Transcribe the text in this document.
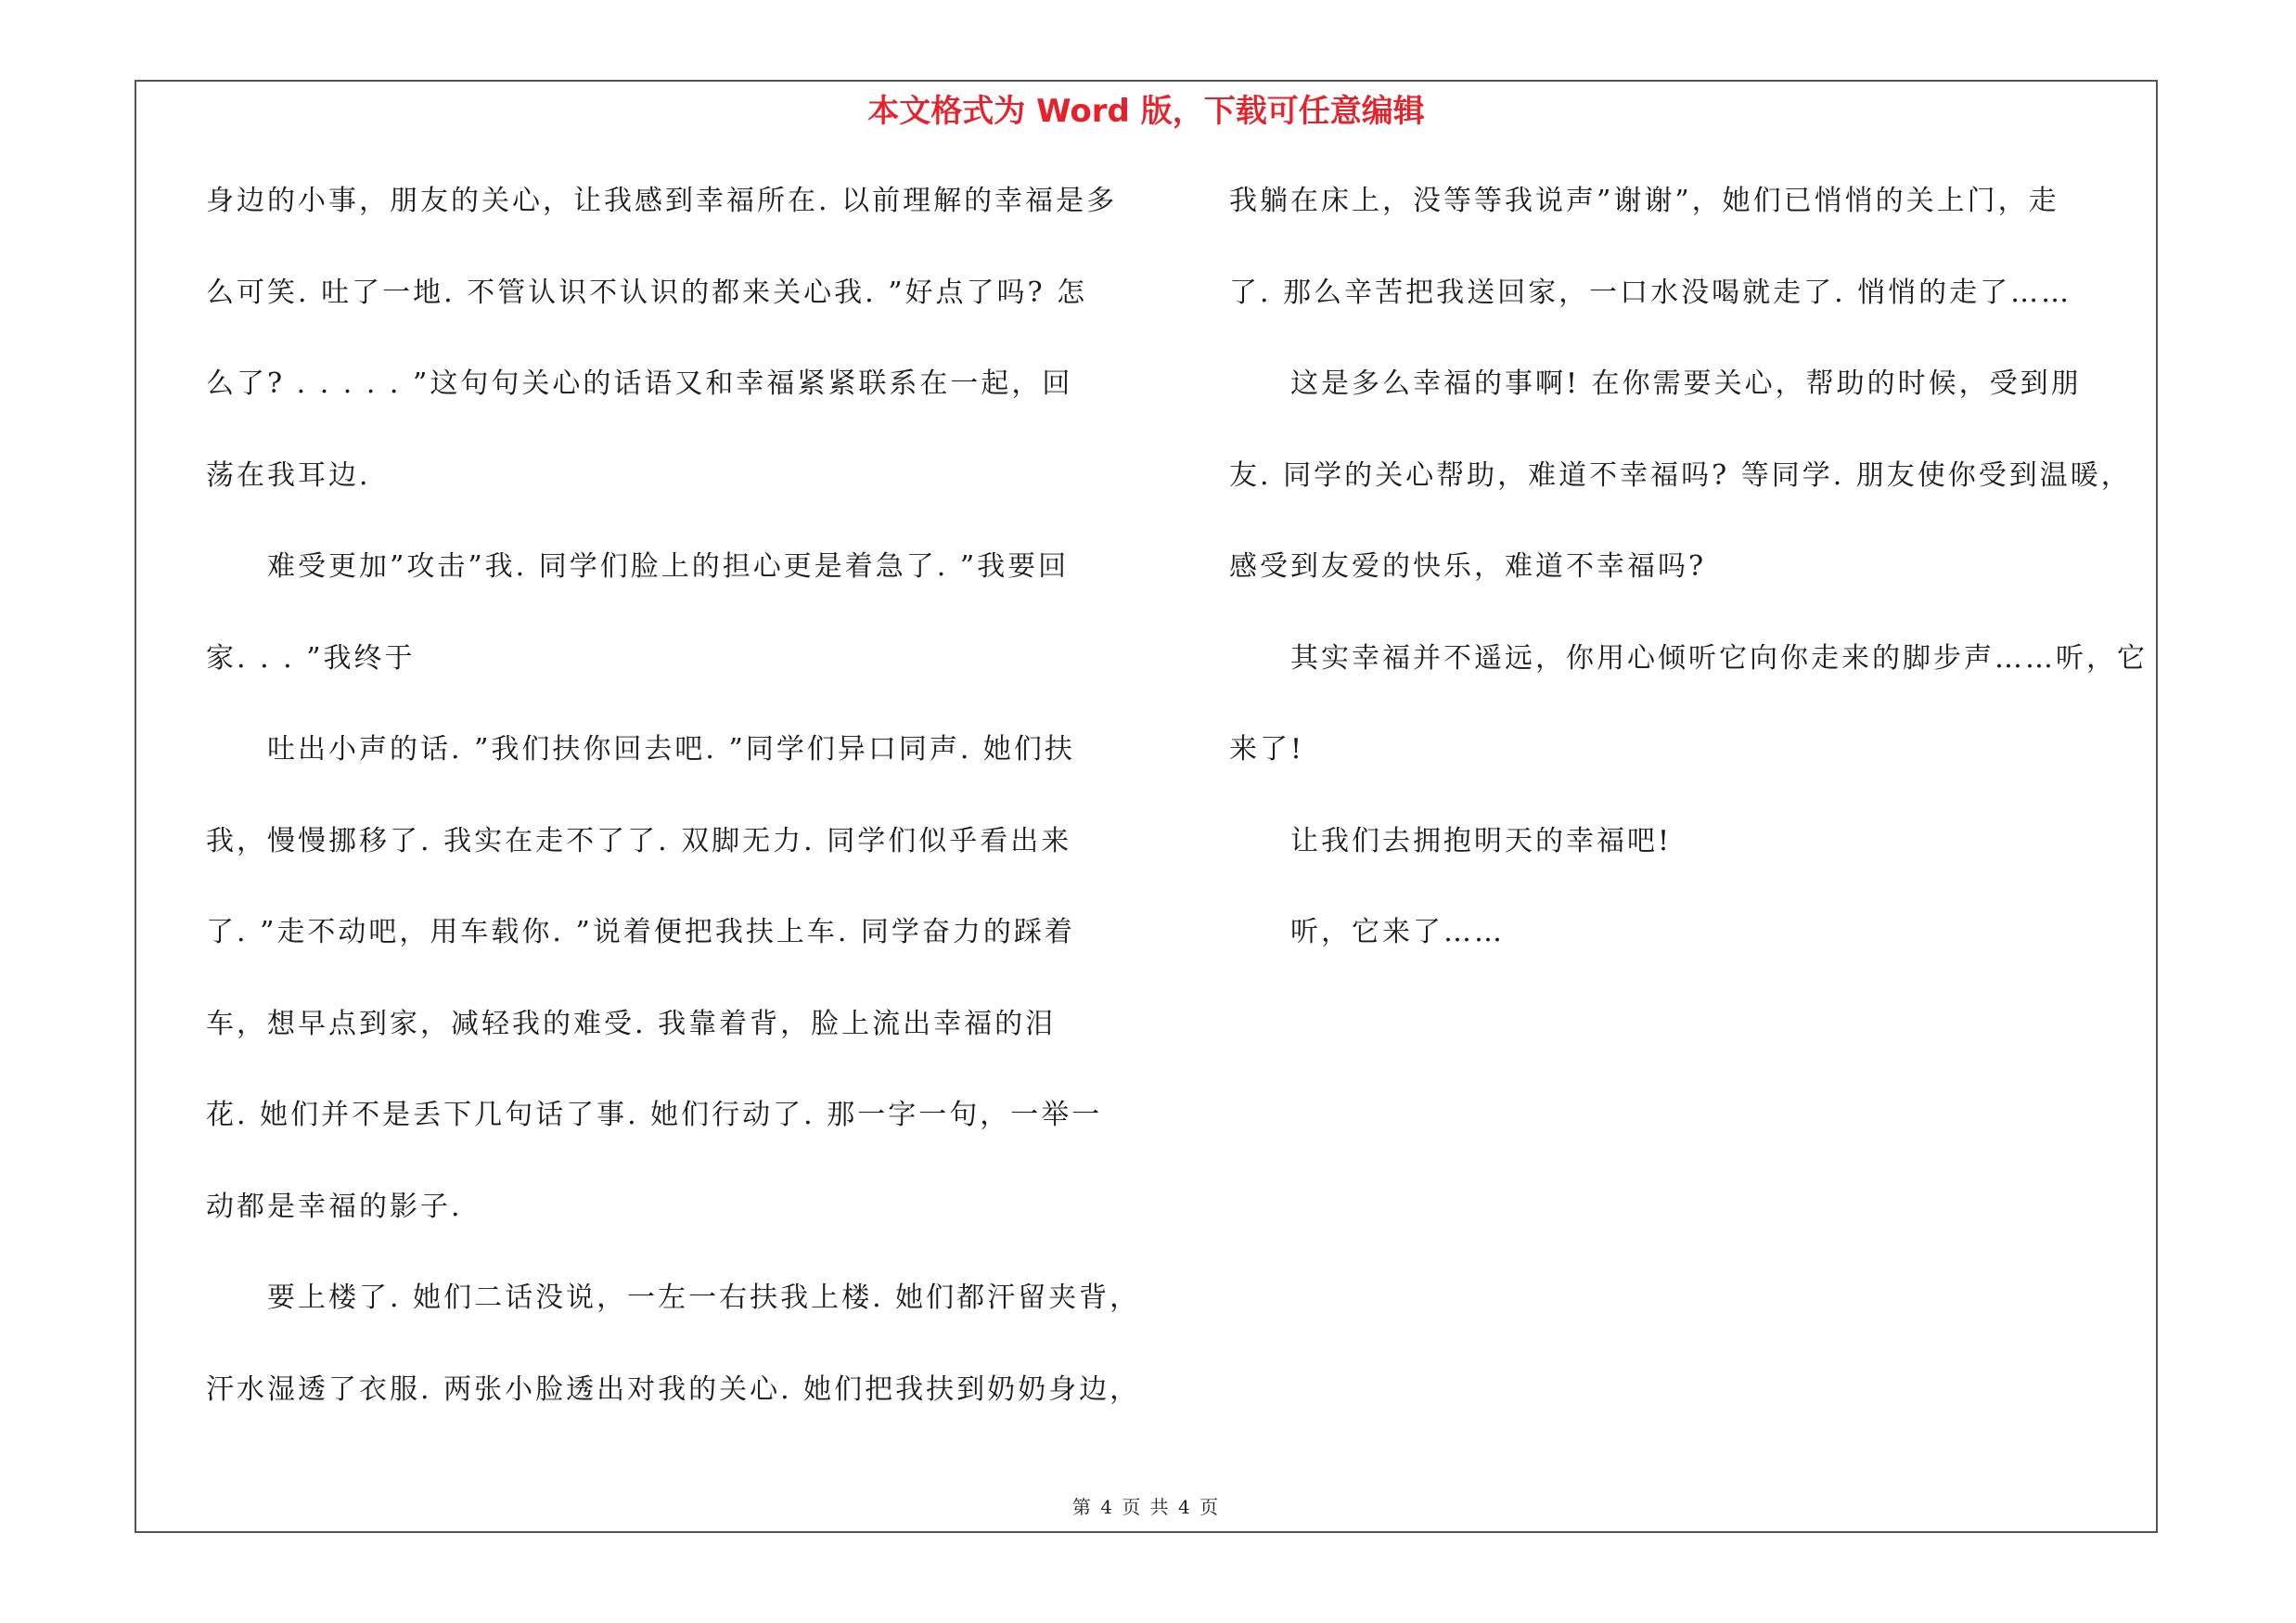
本文格式为 Word 版，下载可任意编辑
身边的小事，朋友的关心，让我感到幸福所在. 以前理解的幸福是多
么可笑. 吐了一地. 不管认识不认识的都来关心我. ”好点了吗? 怎
么了? . . . . . ”这句句关心的话语又和幸福紧紧联系在一起，回
荡在我耳边.
难受更加”攻击”我. 同学们脸上的担心更是着急了. ”我要回
家. . . ”我终于
吐出小声的话. ”我们扶你回去吧. ”同学们异口同声. 她们扶
我，慢慢挪移了. 我实在走不了了. 双脚无力. 同学们似乎看出来
了. ”走不动吧，用车载你. ”说着便把我扶上车. 同学奋力的踩着
车，想早点到家，减轻我的难受. 我靠着背，脸上流出幸福的泪
花. 她们并不是丢下几句话了事. 她们行动了. 那一字一句，一举一
动都是幸福的影子.
要上楼了. 她们二话没说，一左一右扶我上楼. 她们都汗留夹背，
汗水湿透了衣服. 两张小脸透出对我的关心. 她们把我扶到奶奶身边，
我躺在床上，没等等我说声”谢谢”，她们已悄悄的关上门，走
了. 那么辛苦把我送回家，一口水没喝就走了. 悄悄的走了……
这是多么幸福的事啊! 在你需要关心，帮助的时候，受到朋
友. 同学的关心帮助，难道不幸福吗? 等同学. 朋友使你受到温暖，
感受到友爱的快乐，难道不幸福吗?
其实幸福并不遥远，你用心倾听它向你走来的脚步声……听，它
来了!
让我们去拥抱明天的幸福吧!
听，它来了……
第 4 页 共 4 页
